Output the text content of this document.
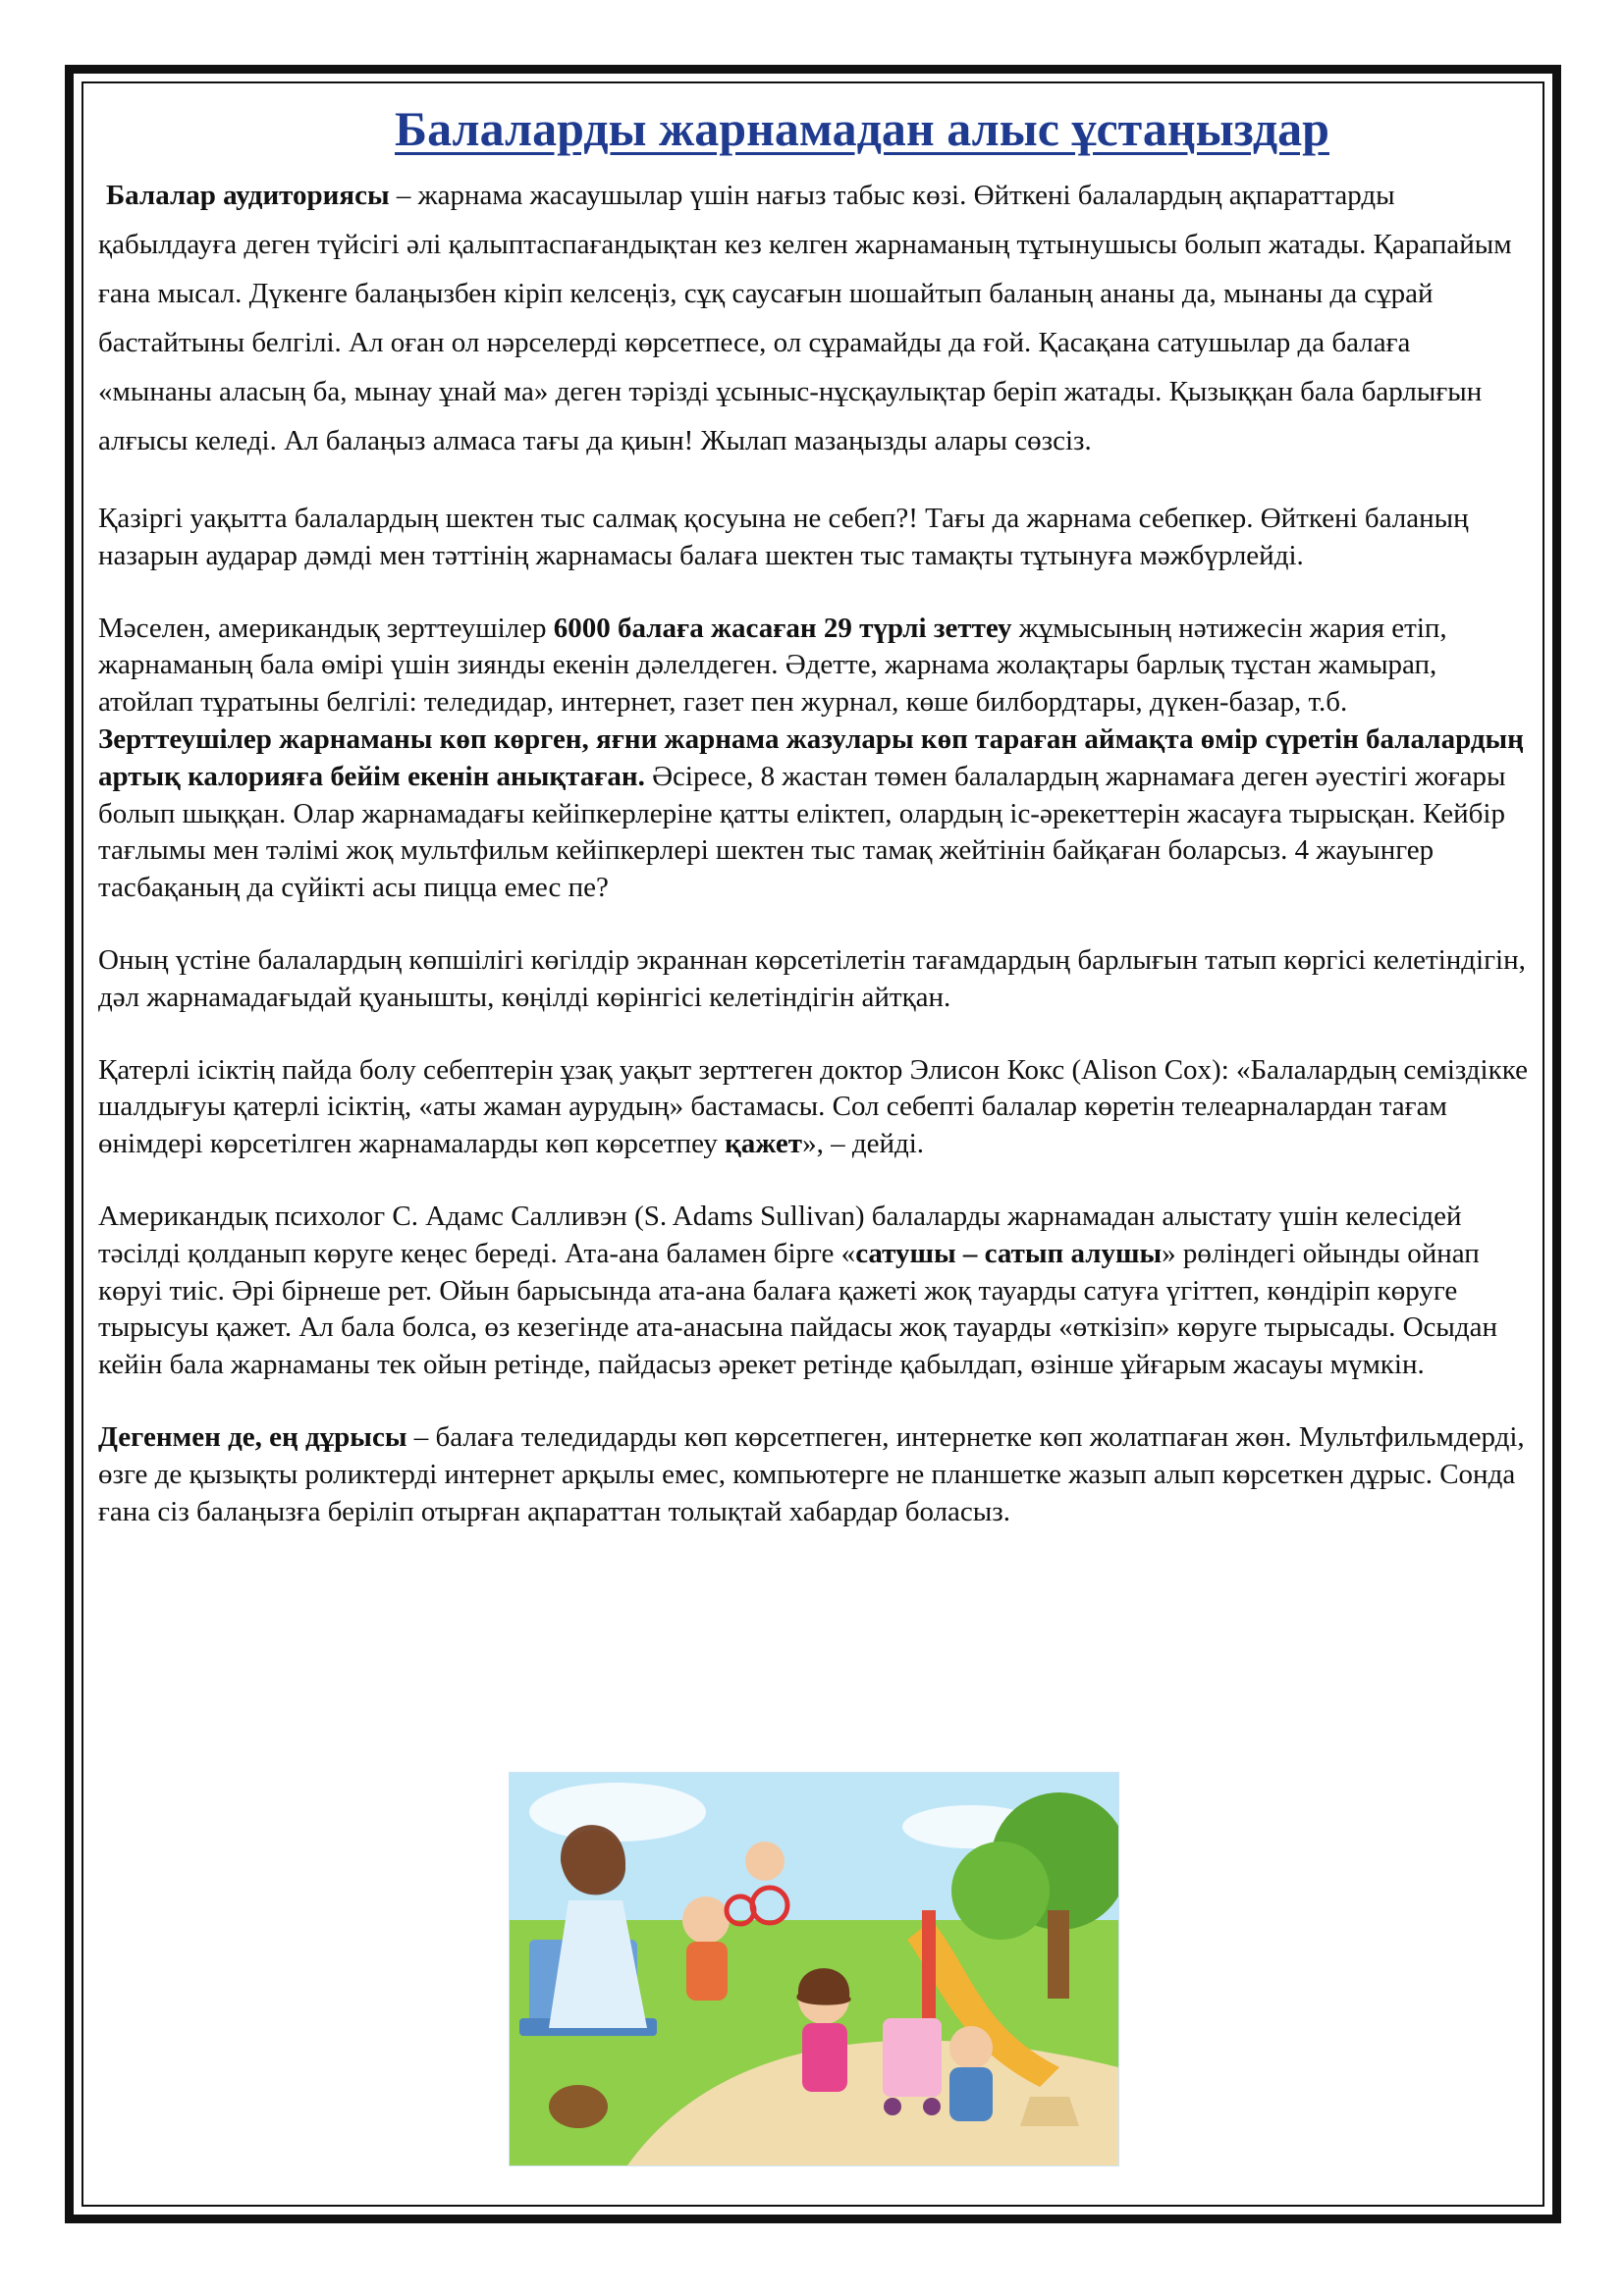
Балаларды жарнамадан алыс ұстаңыздар

Балалар аудиториясы – жарнама жасаушылар үшін нағыз табыс көзі. Өйткені балалардың ақпараттарды қабылдауға деген түйсігі әлі қалыптаспағандықтан кез келген жарнаманың тұтынушысы болып жатады. Қарапайым ғана мысал. Дүкенге балаңызбен кіріп келсеңіз, сұқ саусағын шошайтып баланың ананы да, мынаны да сұрай бастайтыны белгілі. Ал оған ол нәрселерді көрсетпесе, ол сұрамайды да ғой. Қасақана сатушылар да балаға «мынаны аласың ба, мынау ұнай ма» деген тәрізді ұсыныс-нұсқаулықтар беріп жатады. Қызыққан бала барлығын алғысы келеді. Ал балаңыз алмаса тағы да қиын! Жылап мазаңызды алары сөзсіз.

Қазіргі уақытта балалардың шектен тыс салмақ қосуына не себеп?! Тағы да жарнама себепкер. Өйткені баланың назарын аударар дәмді мен тәттінің жарнамасы балаға шектен тыс тамақты тұтынуға мәжбүрлейді.

Мәселен, американдық зерттеушілер 6000 балаға жасаған 29 түрлі зеттеу жұмысының нәтижесін жария етіп, жарнаманың бала өмірі үшін зиянды екенін дәлелдеген. Әдетте, жарнама жолақтары барлық тұстан жамырап, атойлап тұратыны белгілі: теледидар, интернет, газет пен журнал, көше билбордтары, дүкен-базар, т.б. Зерттеушілер жарнаманы көп көрген, яғни жарнама жазулары көп тараған аймақта өмір сүретін балалардың артық калорияға бейім екенін анықтаған. Әсіресе, 8 жастан төмен балалардың жарнамаға деген әуестігі жоғары болып шыққан. Олар жарнамадағы кейіпкерлеріне қатты еліктеп, олардың іс-әрекеттерін жасауға тырысқан. Кейбір тағлымы мен тәлімі жоқ мультфильм кейіпкерлері шектен тыс тамақ жейтінін байқаған боларсыз. 4 жауынгер тасбақаның да сүйікті асы пицца емес пе?

Оның үстіне балалардың көпшілігі көгілдір экраннан көрсетілетін тағамдардың барлығын татып көргісі келетіндігін, дәл жарнамадағыдай қуанышты, көңілді көрінгісі келетіндігін айтқан.

Қатерлі ісіктің пайда болу себептерін ұзақ уақыт зерттеген доктор Элисон Кокс (Alison Cox): «Балалардың семіздікке шалдығуы қатерлі ісіктің, «аты жаман аурудың» бастамасы. Сол себепті балалар көретін телеарналардан тағам өнімдері көрсетілген жарнамаларды көп көрсетпеу қажет», – дейді.

Американдық психолог С. Адамс Салливэн (S. Adams Sullivan) балаларды жарнамадан алыстату үшін келесідей тәсілді қолданып көруге кеңес береді. Ата-ана баламен бірге «сатушы – сатып алушы» рөліндегі ойынды ойнап көруі тиіс. Әрі бірнеше рет. Ойын барысында ата-ана балаға қажеті жоқ тауарды сатуға үгіттеп, көндіріп көруге тырысуы қажет. Ал бала болса, өз кезегінде ата-анасына пайдасы жоқ тауарды «өткізіп» көруге тырысады. Осыдан кейін бала жарнаманы тек ойын ретінде, пайдасыз әрекет ретінде қабылдап, өзінше ұйғарым жасауы мүмкін.

Дегенмен де, ең дұрысы – балаға теледидарды көп көрсетпеген, интернетке көп жолатпаған жөн. Мультфильмдерді, өзге де қызықты роликтерді интернет арқылы емес, компьютерге не планшетке жазып алып көрсеткен дұрыс. Сонда ғана сіз балаңызға беріліп отырған ақпараттан толықтай хабардар боласыз.
